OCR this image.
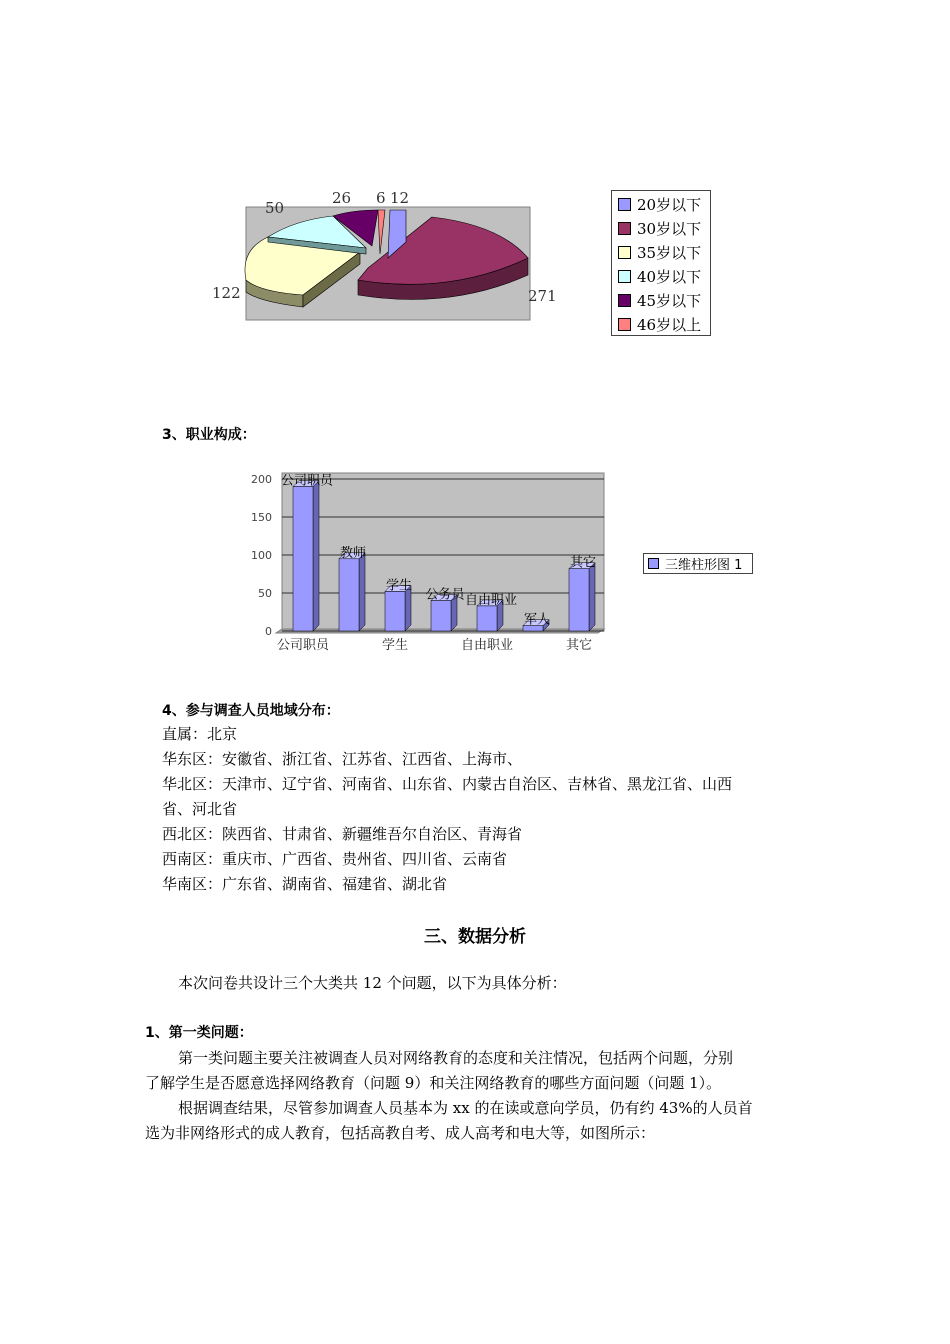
12
6
26
50
122	271
20岁以下
30岁以下
35岁以下
40岁以下
45岁以下
46岁以上
3、职业构成：
0
50
100
150
200 公司职员
教师
学生
公务员 自由职业
军人
其它
公司职员	学生	自由职业	其它
三维柱形图 1
4、参与调查人员地域分布：
直属：北京
华东区：安徽省、浙江省、江苏省、江西省、上海市、
华北区：天津市、辽宁省、河南省、山东省、内蒙古自治区、吉林省、黑龙江省、山西
省、河北省
西北区：陕西省、甘肃省、新疆维吾尔自治区、青海省
西南区：重庆市、广西省、贵州省、四川省、云南省
华南区：广东省、湖南省、福建省、湖北省
三、数据分析
本次问卷共设计三个大类共 12 个问题，以下为具体分析：
1、第一类问题：
第一类问题主要关注被调查人员对网络教育的态度和关注情况，包括两个问题，分别
了解学生是否愿意选择网络教育（问题 9）和关注网络教育的哪些方面问题（问题 1）。
根据调查结果，尽管参加调查人员基本为 xx 的在读或意向学员，仍有约 43%的人员首
选为非网络形式的成人教育，包括高教自考、成人高考和电大等，如图所示：
